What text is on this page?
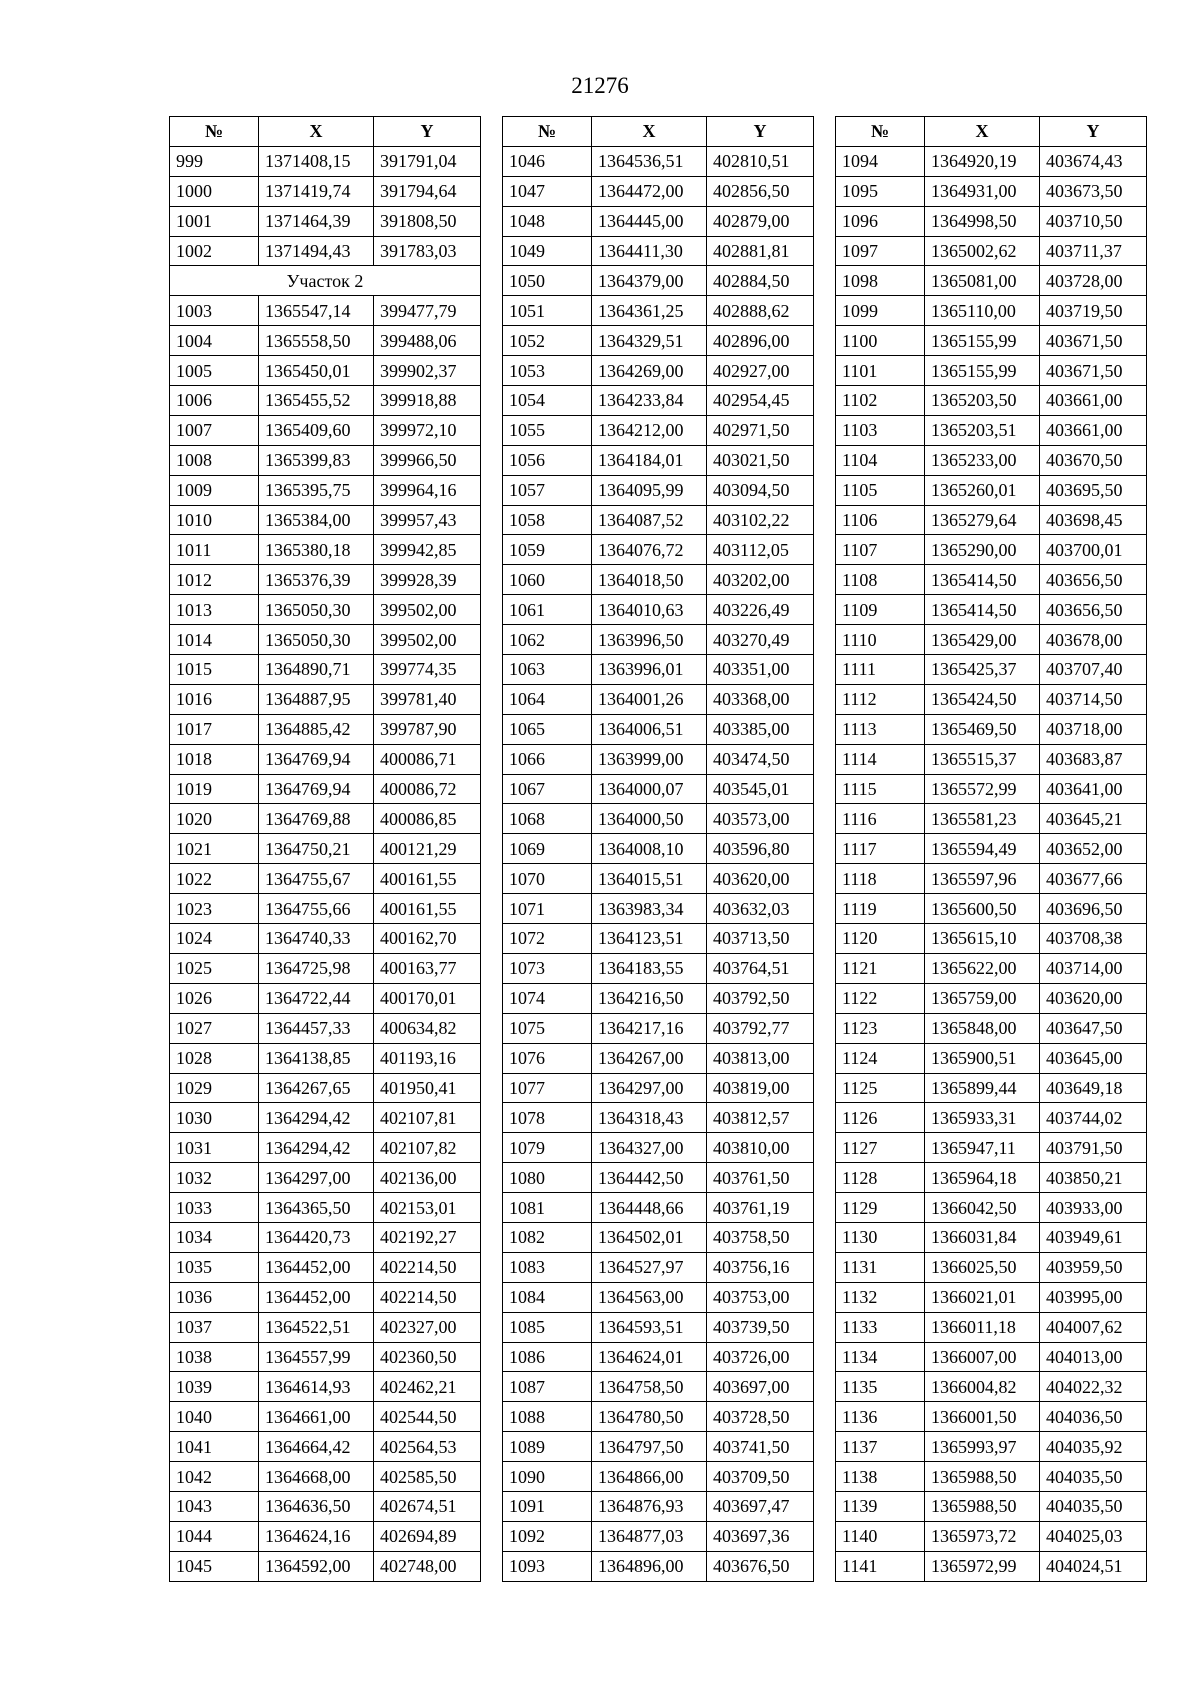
21276
№	X	Y
999	1371408,15	391791,04
1000	1371419,74	391794,64
1001	1371464,39	391808,50
1002	1371494,43	391783,03
Участок 2		
1003	1365547,14	399477,79
1004	1365558,50	399488,06
1005	1365450,01	399902,37
1006	1365455,52	399918,88
1007	1365409,60	399972,10
1008	1365399,83	399966,50
1009	1365395,75	399964,16
1010	1365384,00	399957,43
1011	1365380,18	399942,85
1012	1365376,39	399928,39
1013	1365050,30	399502,00
1014	1365050,30	399502,00
1015	1364890,71	399774,35
1016	1364887,95	399781,40
1017	1364885,42	399787,90
1018	1364769,94	400086,71
1019	1364769,94	400086,72
1020	1364769,88	400086,85
1021	1364750,21	400121,29
1022	1364755,67	400161,55
1023	1364755,66	400161,55
1024	1364740,33	400162,70
1025	1364725,98	400163,77
1026	1364722,44	400170,01
1027	1364457,33	400634,82
1028	1364138,85	401193,16
1029	1364267,65	401950,41
1030	1364294,42	402107,81
1031	1364294,42	402107,82
1032	1364297,00	402136,00
1033	1364365,50	402153,01
1034	1364420,73	402192,27
1035	1364452,00	402214,50
1036	1364452,00	402214,50
1037	1364522,51	402327,00
1038	1364557,99	402360,50
1039	1364614,93	402462,21
1040	1364661,00	402544,50
1041	1364664,42	402564,53
1042	1364668,00	402585,50
1043	1364636,50	402674,51
1044	1364624,16	402694,89
1045	1364592,00	402748,00
№	X	Y
1046	1364536,51	402810,51
1047	1364472,00	402856,50
1048	1364445,00	402879,00
1049	1364411,30	402881,81
1050	1364379,00	402884,50
1051	1364361,25	402888,62
1052	1364329,51	402896,00
1053	1364269,00	402927,00
1054	1364233,84	402954,45
1055	1364212,00	402971,50
1056	1364184,01	403021,50
1057	1364095,99	403094,50
1058	1364087,52	403102,22
1059	1364076,72	403112,05
1060	1364018,50	403202,00
1061	1364010,63	403226,49
1062	1363996,50	403270,49
1063	1363996,01	403351,00
1064	1364001,26	403368,00
1065	1364006,51	403385,00
1066	1363999,00	403474,50
1067	1364000,07	403545,01
1068	1364000,50	403573,00
1069	1364008,10	403596,80
1070	1364015,51	403620,00
1071	1363983,34	403632,03
1072	1364123,51	403713,50
1073	1364183,55	403764,51
1074	1364216,50	403792,50
1075	1364217,16	403792,77
1076	1364267,00	403813,00
1077	1364297,00	403819,00
1078	1364318,43	403812,57
1079	1364327,00	403810,00
1080	1364442,50	403761,50
1081	1364448,66	403761,19
1082	1364502,01	403758,50
1083	1364527,97	403756,16
1084	1364563,00	403753,00
1085	1364593,51	403739,50
1086	1364624,01	403726,00
1087	1364758,50	403697,00
1088	1364780,50	403728,50
1089	1364797,50	403741,50
1090	1364866,00	403709,50
1091	1364876,93	403697,47
1092	1364877,03	403697,36
1093	1364896,00	403676,50
№	X	Y
1094	1364920,19	403674,43
1095	1364931,00	403673,50
1096	1364998,50	403710,50
1097	1365002,62	403711,37
1098	1365081,00	403728,00
1099	1365110,00	403719,50
1100	1365155,99	403671,50
1101	1365155,99	403671,50
1102	1365203,50	403661,00
1103	1365203,51	403661,00
1104	1365233,00	403670,50
1105	1365260,01	403695,50
1106	1365279,64	403698,45
1107	1365290,00	403700,01
1108	1365414,50	403656,50
1109	1365414,50	403656,50
1110	1365429,00	403678,00
1111	1365425,37	403707,40
1112	1365424,50	403714,50
1113	1365469,50	403718,00
1114	1365515,37	403683,87
1115	1365572,99	403641,00
1116	1365581,23	403645,21
1117	1365594,49	403652,00
1118	1365597,96	403677,66
1119	1365600,50	403696,50
1120	1365615,10	403708,38
1121	1365622,00	403714,00
1122	1365759,00	403620,00
1123	1365848,00	403647,50
1124	1365900,51	403645,00
1125	1365899,44	403649,18
1126	1365933,31	403744,02
1127	1365947,11	403791,50
1128	1365964,18	403850,21
1129	1366042,50	403933,00
1130	1366031,84	403949,61
1131	1366025,50	403959,50
1132	1366021,01	403995,00
1133	1366011,18	404007,62
1134	1366007,00	404013,00
1135	1366004,82	404022,32
1136	1366001,50	404036,50
1137	1365993,97	404035,92
1138	1365988,50	404035,50
1139	1365988,50	404035,50
1140	1365973,72	404025,03
1141	1365972,99	404024,51
